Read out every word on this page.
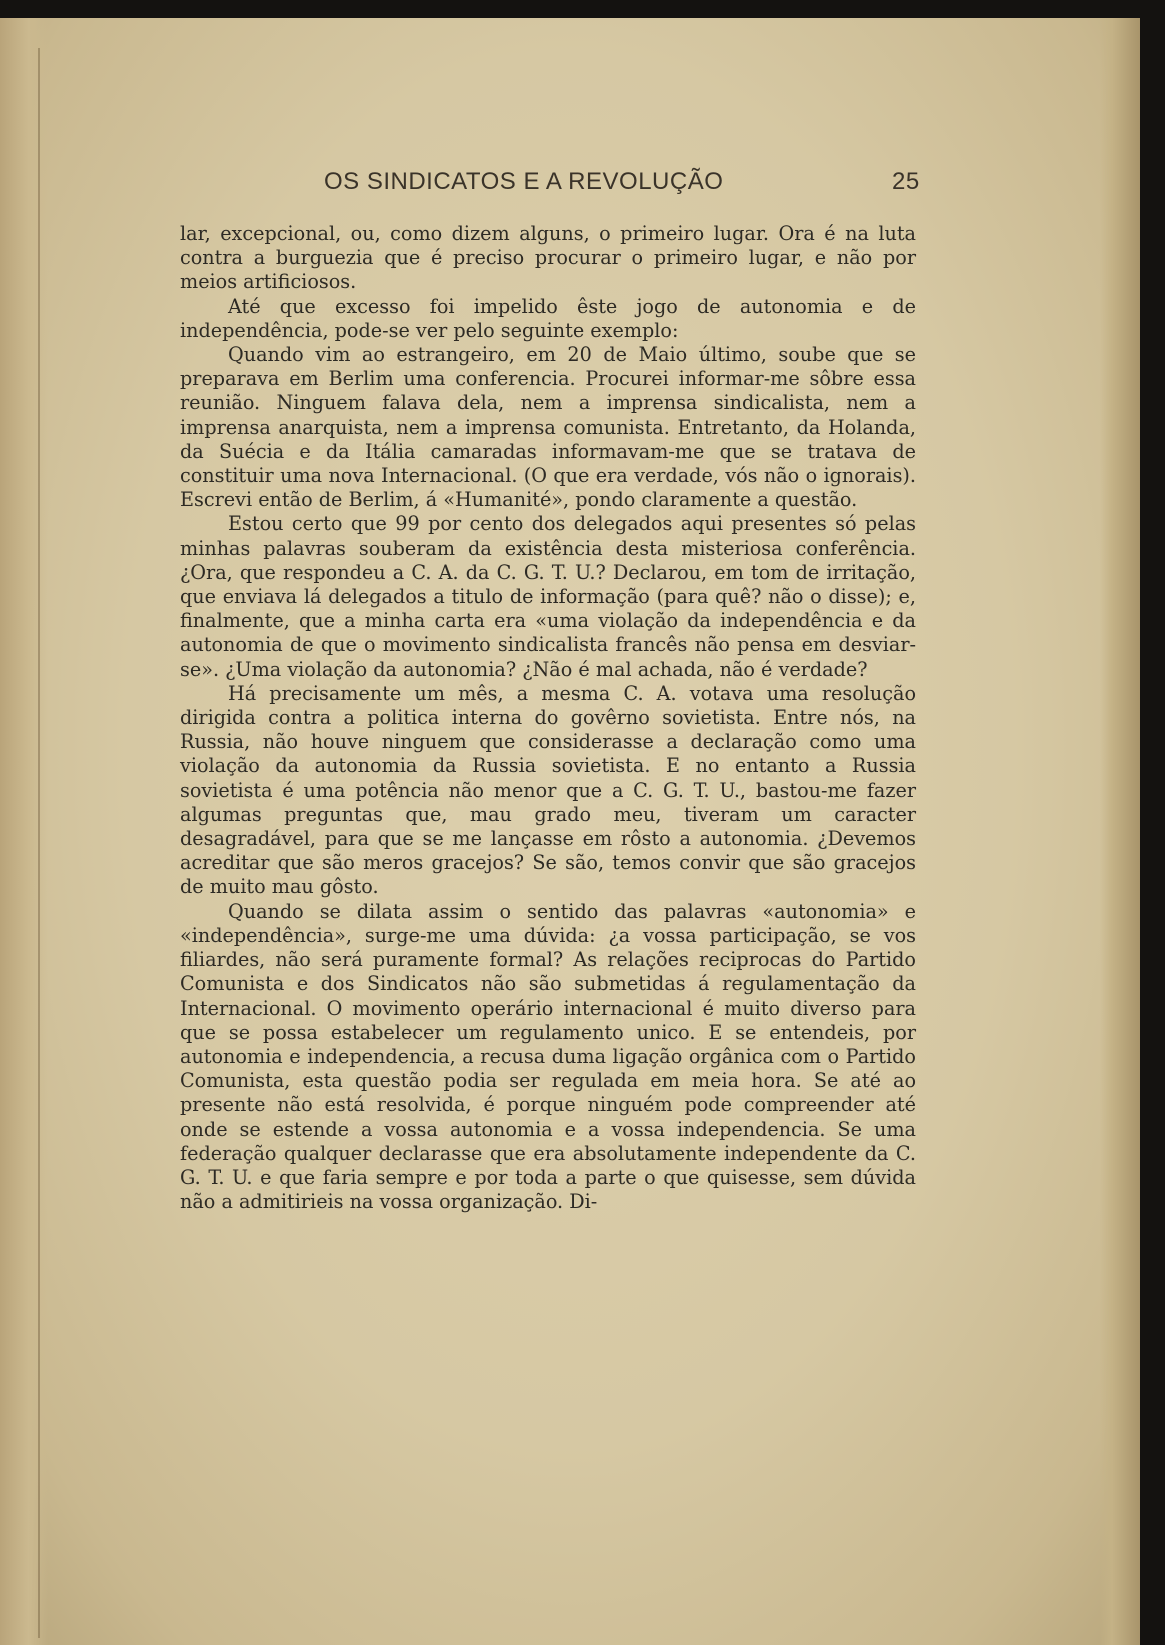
OS SINDICATOS E A REVOLUÇÃO	25

lar, excepcional, ou, como dizem alguns, o primeiro lugar. Ora é na luta contra a burguezia que é preciso procurar o primeiro lugar, e não por meios artificiosos.

Até que excesso foi impelido êste jogo de autonomia e de independência, pode-se ver pelo seguinte exemplo:

Quando vim ao estrangeiro, em 20 de Maio último, soube que se preparava em Berlim uma conferencia. Procurei informar-me sôbre essa reunião. Ninguem falava dela, nem a imprensa sindicalista, nem a imprensa anarquista, nem a imprensa comunista. Entretanto, da Holanda, da Suécia e da Itália camaradas informavam-me que se tratava de constituir uma nova Internacional. (O que era verdade, vós não o ignorais). Escrevi então de Berlim, á «Humanité», pondo claramente a questão.

Estou certo que 99 por cento dos delegados aqui presentes só pelas minhas palavras souberam da existência desta misteriosa conferência. ¿Ora, que respondeu a C. A. da C. G. T. U.? Declarou, em tom de irritação, que enviava lá delegados a titulo de informação (para quê? não o disse); e, finalmente, que a minha carta era «uma violação da independência e da autonomia de que o movimento sindicalista francês não pensa em desviar-se». ¿Uma violação da autonomia? ¿Não é mal achada, não é verdade?

Há precisamente um mês, a mesma C. A. votava uma resolução dirigida contra a politica interna do govêrno sovietista. Entre nós, na Russia, não houve ninguem que considerasse a declaração como uma violação da autonomia da Russia sovietista. E no entanto a Russia sovietista é uma potência não menor que a C. G. T. U., bastou-me fazer algumas preguntas que, mau grado meu, tiveram um caracter desagradável, para que se me lançasse em rôsto a autonomia. ¿Devemos acreditar que são meros gracejos? Se são, temos convir que são gracejos de muito mau gôsto.

Quando se dilata assim o sentido das palavras «autonomia» e «independência», surge-me uma dúvida: ¿a vossa participação, se vos filiardes, não será puramente formal? As relações reciprocas do Partido Comunista e dos Sindicatos não são submetidas á regulamentação da Internacional. O movimento operário internacional é muito diverso para que se possa estabelecer um regulamento unico. E se entendeis, por autonomia e independencia, a recusa duma ligação orgânica com o Partido Comunista, esta questão podia ser regulada em meia hora. Se até ao presente não está resolvida, é porque ninguém pode compreender até onde se estende a vossa autonomia e a vossa independencia. Se uma federação qualquer declarasse que era absolutamente independente da C. G. T. U. e que faria sempre e por toda a parte o que quisesse, sem dúvida não a admitirieis na vossa organização. Di-
